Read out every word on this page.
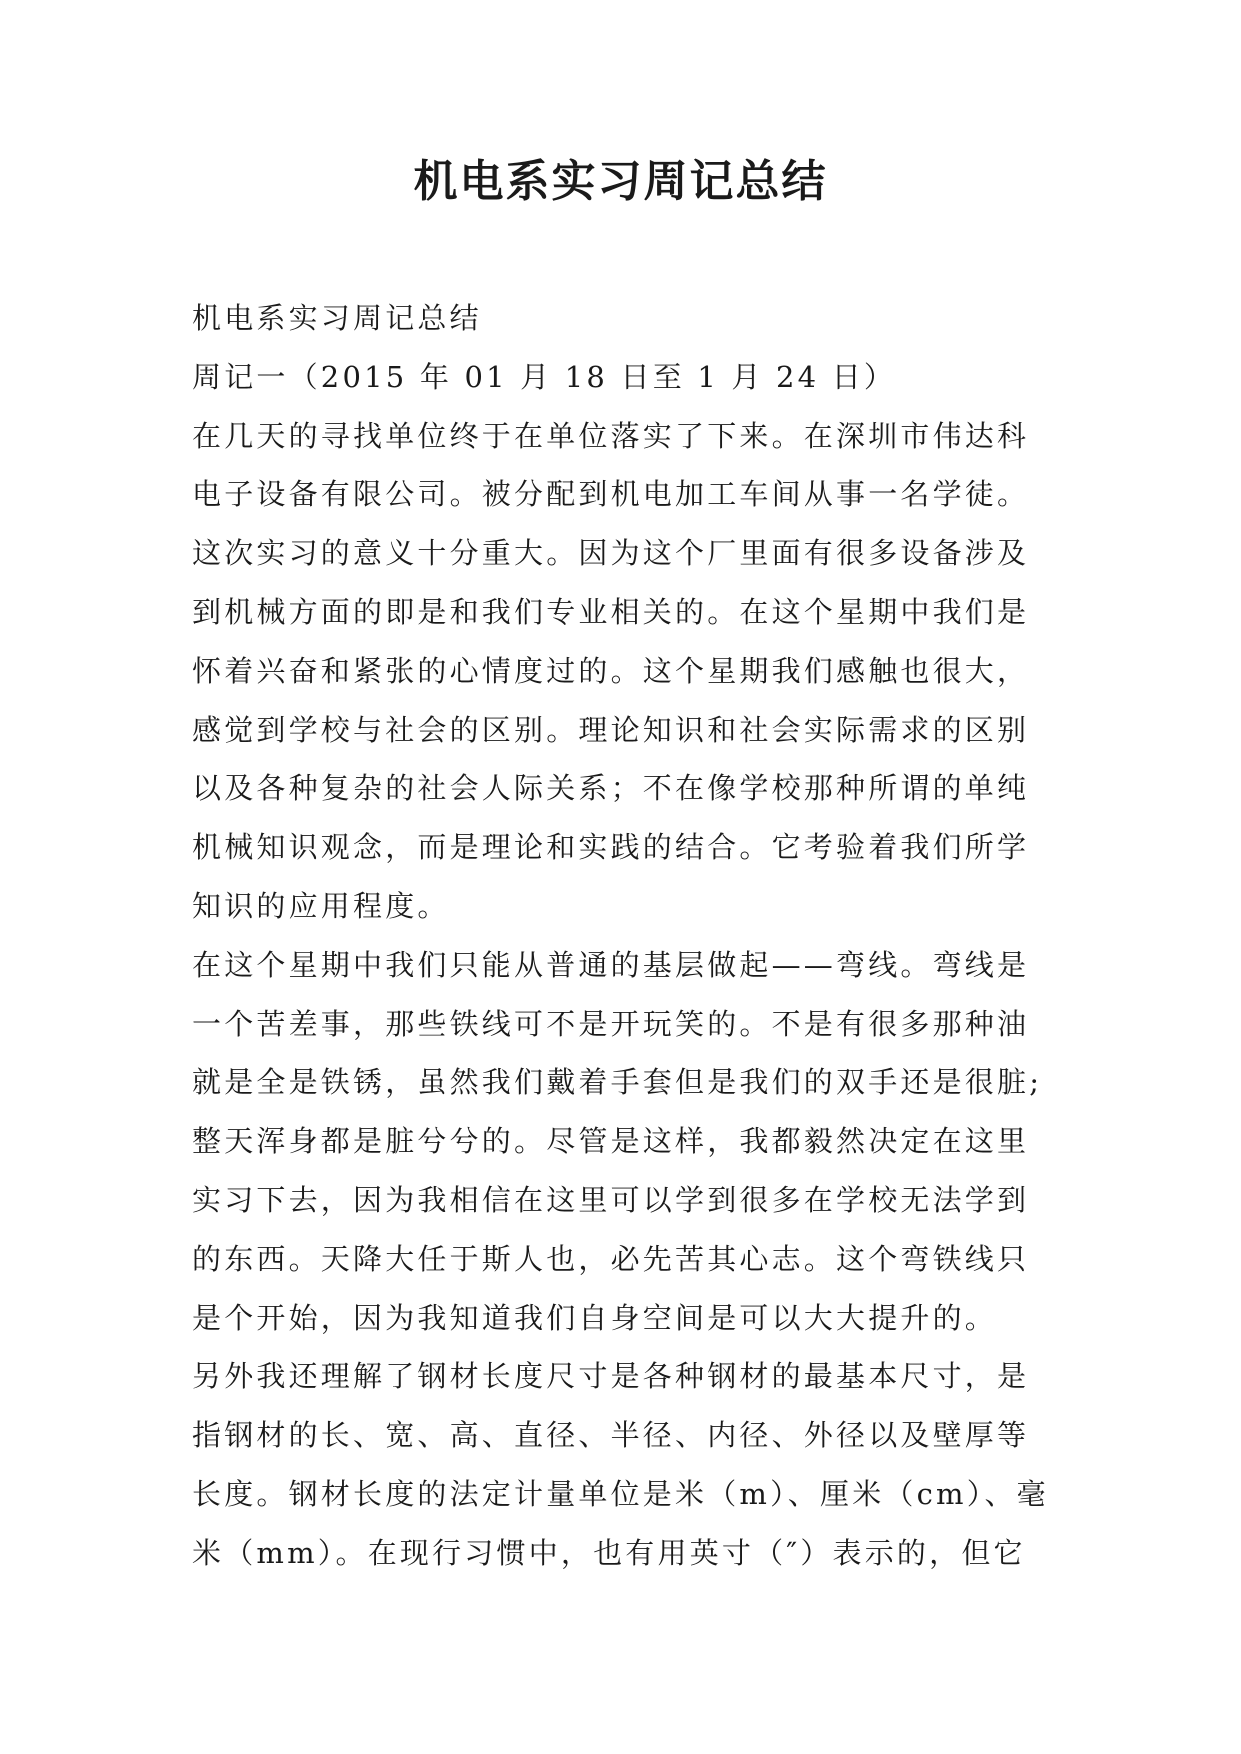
机电系实习周记总结
机电系实习周记总结
周记一（2015 年 01 月 18 日至 1 月 24 日）
在几天的寻找单位终于在单位落实了下来。在深圳市伟达科
电子设备有限公司。被分配到机电加工车间从事一名学徒。
这次实习的意义十分重大。因为这个厂里面有很多设备涉及
到机械方面的即是和我们专业相关的。在这个星期中我们是
怀着兴奋和紧张的心情度过的。这个星期我们感触也很大，
感觉到学校与社会的区别。理论知识和社会实际需求的区别
以及各种复杂的社会人际关系；不在像学校那种所谓的单纯
机械知识观念，而是理论和实践的结合。它考验着我们所学
知识的应用程度。
在这个星期中我们只能从普通的基层做起——弯线。弯线是
一个苦差事，那些铁线可不是开玩笑的。不是有很多那种油
就是全是铁锈，虽然我们戴着手套但是我们的双手还是很脏;
整天浑身都是脏兮兮的。尽管是这样，我都毅然决定在这里
实习下去，因为我相信在这里可以学到很多在学校无法学到
的东西。天降大任于斯人也，必先苦其心志。这个弯铁线只
是个开始，因为我知道我们自身空间是可以大大提升的。
另外我还理解了钢材长度尺寸是各种钢材的最基本尺寸，是
指钢材的长、宽、高、直径、半径、内径、外径以及壁厚等
长度。钢材长度的法定计量单位是米（m）、厘米（cm）、毫
米（mm）。在现行习惯中，也有用英寸（″）表示的，但它
